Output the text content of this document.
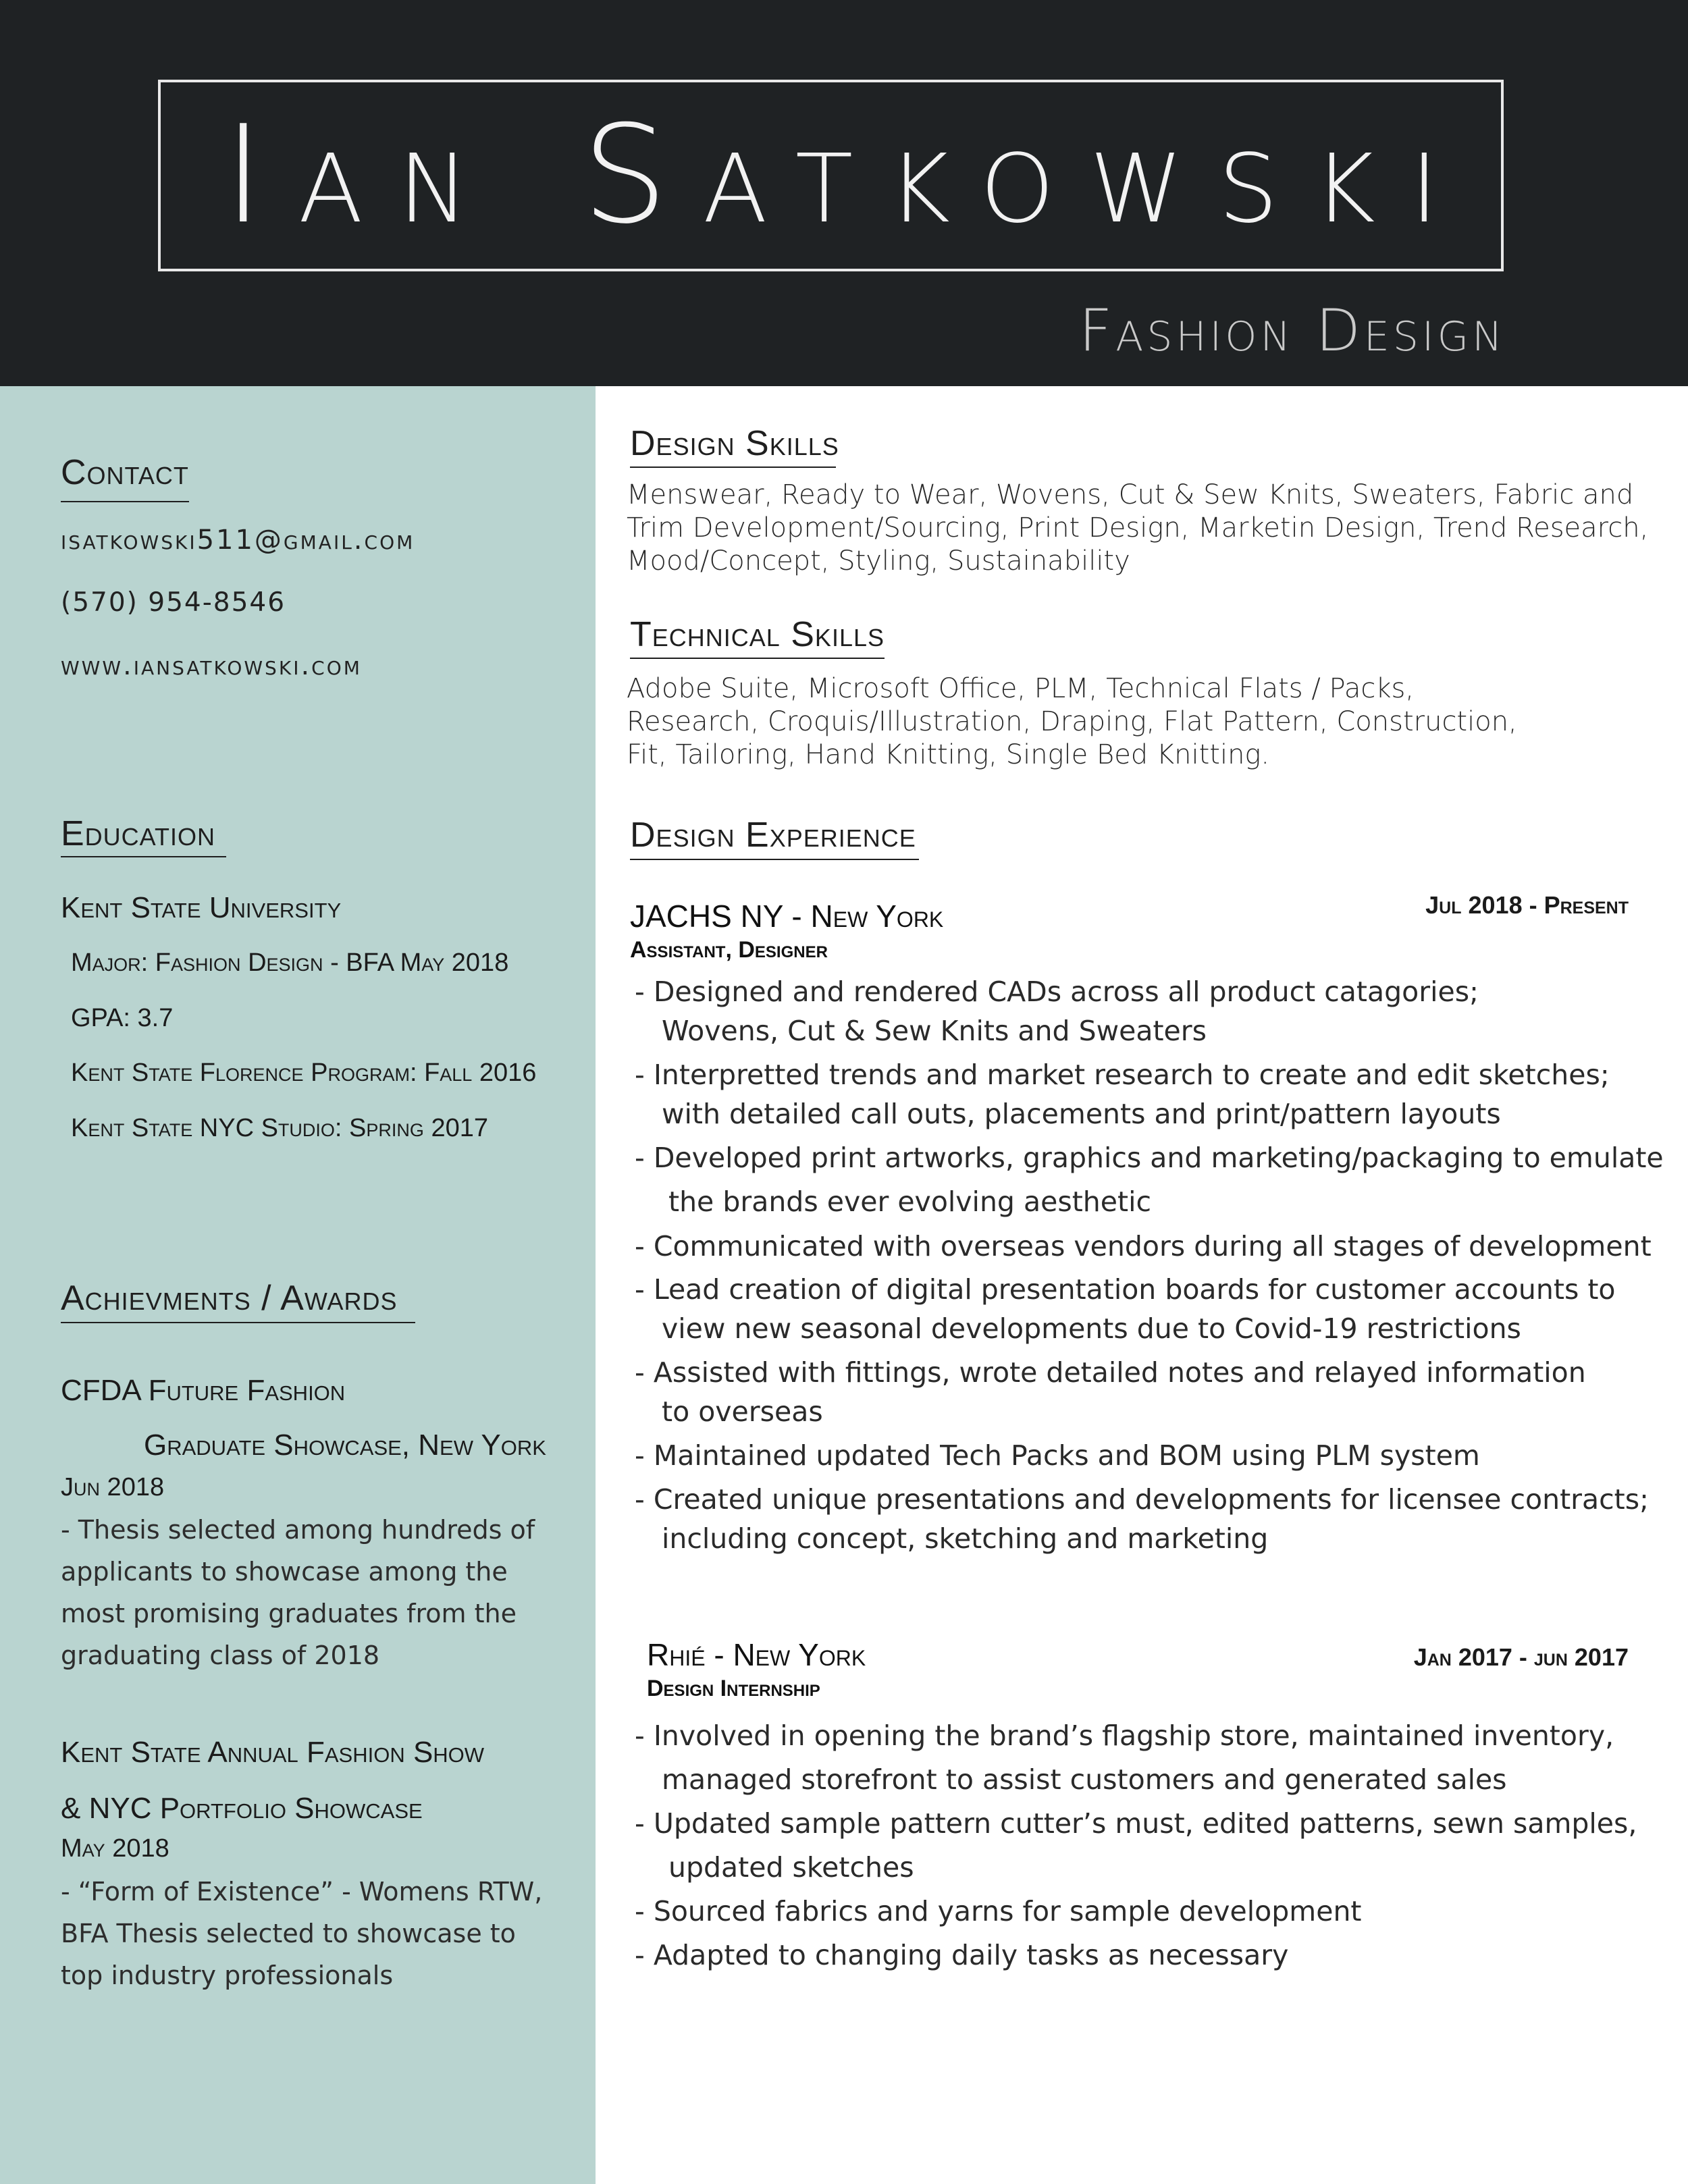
Ian Satkowski
Fashion Design
Contact
isatkowski511@gmail.com
(570) 954-8546
www.iansatkowski.com
Education
Kent State University
Major: Fashion Design - BFA May 2018
GPA: 3.7
Kent State Florence Program: Fall 2016
Kent State NYC Studio: Spring 2017
Achievments / Awards
CFDA Future Fashion
Graduate Showcase, New York
Jun 2018
- Thesis selected among hundreds of
applicants to showcase among the
most promising graduates from the
graduating class of 2018
Kent State Annual Fashion Show
& NYC Portfolio Showcase
May 2018
- “Form of Existence” - Womens RTW,
BFA Thesis selected to showcase to
top industry professionals
Design Skills
Menswear, Ready to Wear, Wovens, Cut & Sew Knits, Sweaters, Fabric and
Trim Development/Sourcing, Print Design, Marketin Design, Trend Research,
Mood/Concept, Styling, Sustainability
Technical Skills
Adobe Suite, Microsoft Office, PLM, Technical Flats / Packs,
Research, Croquis/Illustration, Draping, Flat Pattern, Construction,
Fit, Tailoring, Hand Knitting, Single Bed Knitting.
Design Experience
JACHS NY - New York	Jul 2018 - Present
Assistant, Designer
- Designed and rendered CADs across all product catagories;
Wovens, Cut & Sew Knits and Sweaters
- Interpretted trends and market research to create and edit sketches;
with detailed call outs, placements and print/pattern layouts
- Developed print artworks, graphics and marketing/packaging to emulate
the brands ever evolving aesthetic
- Communicated with overseas vendors during all stages of development
- Lead creation of digital presentation boards for customer accounts to
view new seasonal developments due to Covid-19 restrictions
- Assisted with fittings, wrote detailed notes and relayed information
to overseas
- Maintained updated Tech Packs and BOM using PLM system
- Created unique presentations and developments for licensee contracts;
including concept, sketching and marketing
Rhié - New York	Jan 2017 - jun 2017
Design Internship
- Involved in opening the brand’s flagship store, maintained inventory,
managed storefront to assist customers and generated sales
- Updated sample pattern cutter’s must, edited patterns, sewn samples,
updated sketches
- Sourced fabrics and yarns for sample development
- Adapted to changing daily tasks as necessary
